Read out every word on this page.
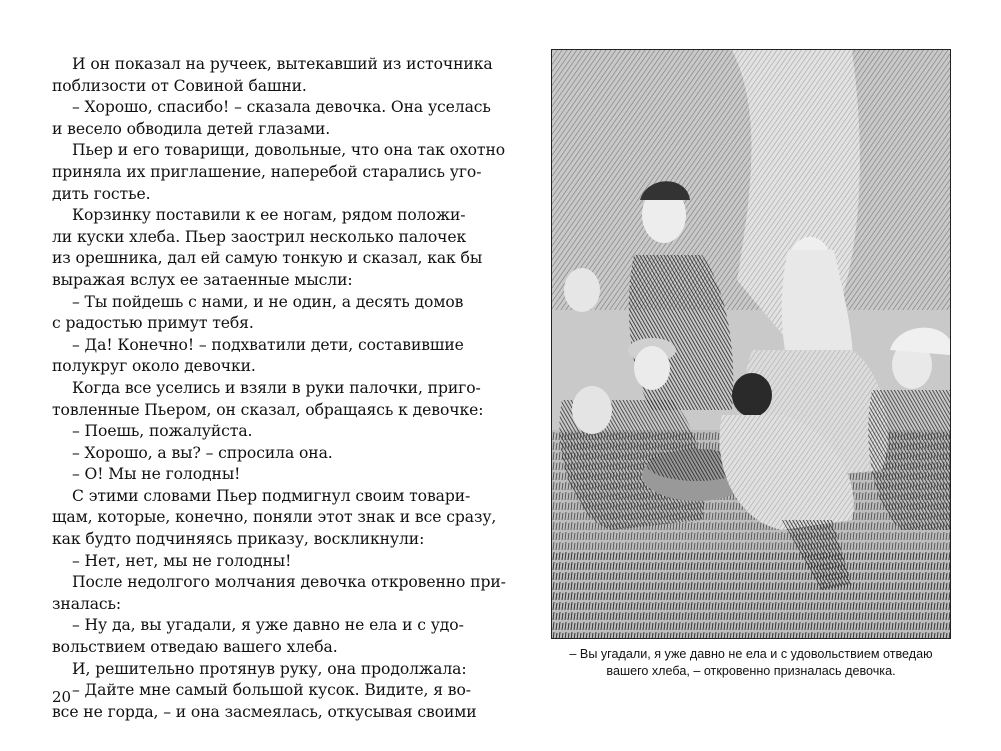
И он показал на ручеек, вытекавший из источника
поблизости от Совиной башни.
– Хорошо, спасибо! – сказала девочка. Она уселась
и весело обводила детей глазами.
Пьер и его товарищи, довольные, что она так охотно
приняла их приглашение, наперебой старались уго-
дить гостье.
Корзинку поставили к ее ногам, рядом положи-
ли куски хлеба. Пьер заострил несколько палочек
из орешника, дал ей самую тонкую и сказал, как бы
выражая вслух ее затаенные мысли:
– Ты пойдешь с нами, и не один, а десять домов
с радостью примут тебя.
– Да! Конечно! – подхватили дети, составившие
полукруг около девочки.
Когда все уселись и взяли в руки палочки, приго-
товленные Пьером, он сказал, обращаясь к девочке:
– Поешь, пожалуйста.
– Хорошо, а вы? – спросила она.
– О! Мы не голодны!
С этими словами Пьер подмигнул своим товари-
щам, которые, конечно, поняли этот знак и все сразу,
как будто подчиняясь приказу, воскликнули:
– Нет, нет, мы не голодны!
После недолгого молчания девочка откровенно при-
зналась:
– Ну да, вы угадали, я уже давно не ела и с удо-
вольствием отведаю вашего хлеба.
И, решительно протянув руку, она продолжала:
– Дайте мне самый большой кусок. Видите, я во-
все не горда, – и она засмеялась, откусывая своими
20
– Вы угадали, я уже давно не ела и с удовольствием отведаю
вашего хлеба, – откровенно призналась девочка.
